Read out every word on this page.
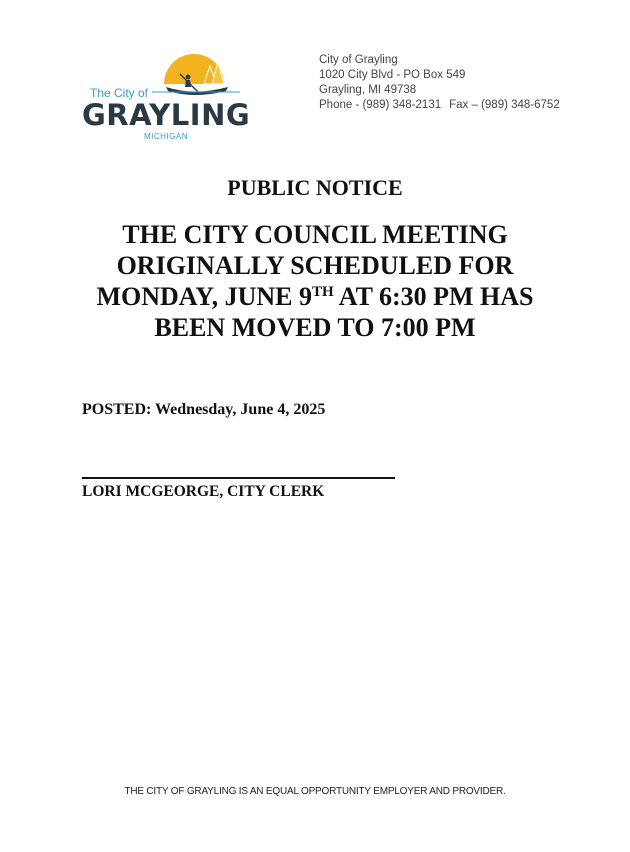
The City of
GRAYLING
MICHIGAN
City of Grayling
1020 City Blvd - PO Box 549
Grayling, MI 49738
Phone - (989) 348-2131 Fax – (989) 348-6752
PUBLIC NOTICE
THE CITY COUNCIL MEETING
ORIGINALLY SCHEDULED FOR
MONDAY, JUNE 9TH AT 6:30 PM HAS
BEEN MOVED TO 7:00 PM
POSTED: Wednesday, June 4, 2025
LORI MCGEORGE, CITY CLERK
THE CITY OF GRAYLING IS AN EQUAL OPPORTUNITY EMPLOYER AND PROVIDER.
